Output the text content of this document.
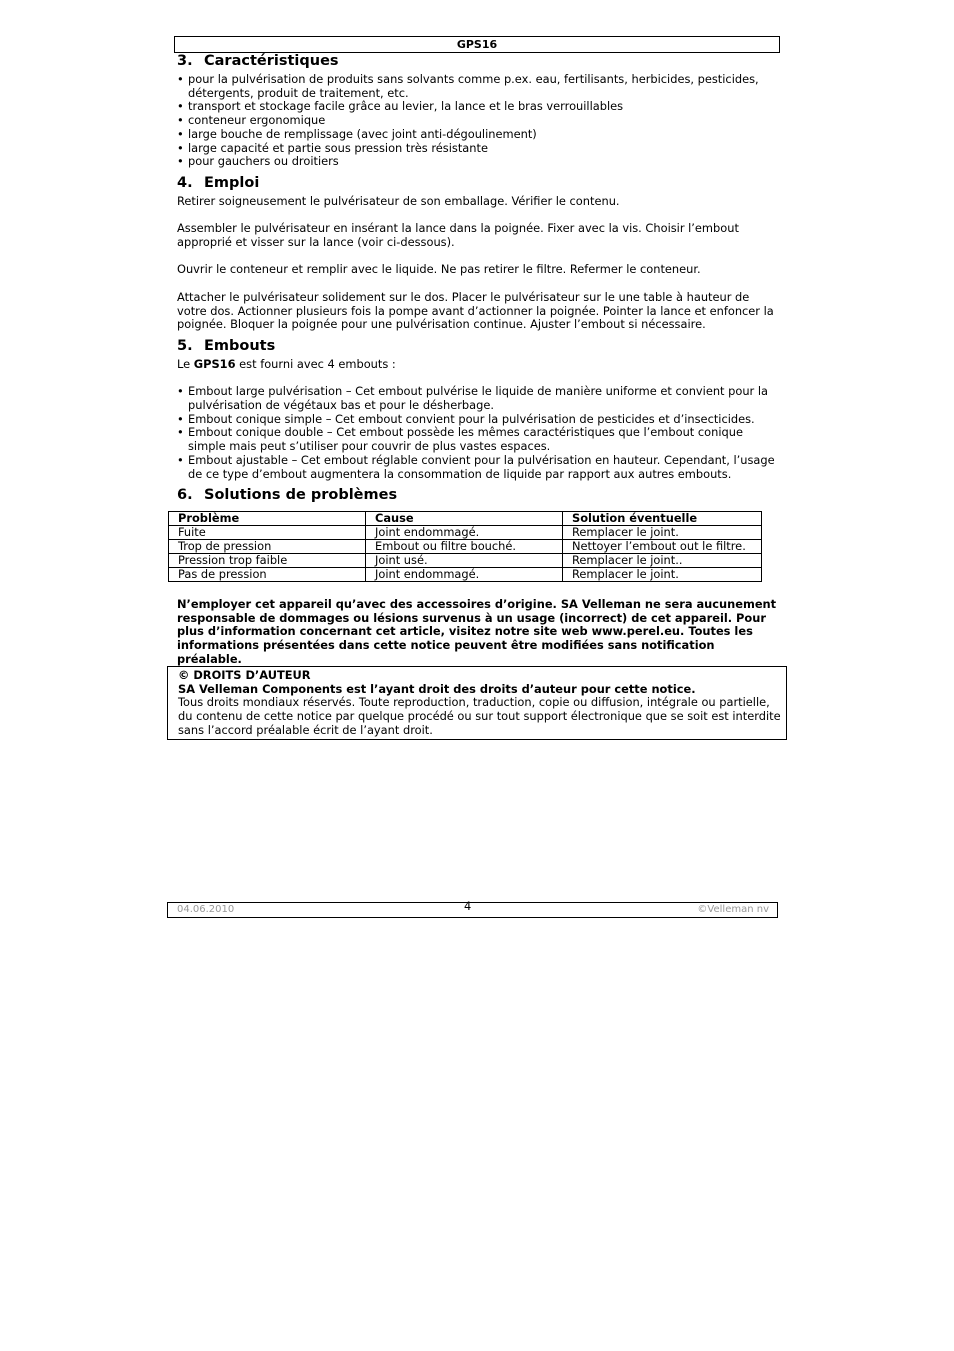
GPS16
3. Caractéristiques
• pour la pulvérisation de produits sans solvants comme p.ex. eau, fertilisants, herbicides, pesticides, détergents, produit de traitement, etc.
• transport et stockage facile grâce au levier, la lance et le bras verrouillables
• conteneur ergonomique
• large bouche de remplissage (avec joint anti-dégoulinement)
• large capacité et partie sous pression très résistante
• pour gauchers ou droitiers
4. Emploi

Retirer soigneusement le pulvérisateur de son emballage. Vérifier le contenu.

Assembler le pulvérisateur en insérant la lance dans la poignée. Fixer avec la vis. Choisir l’embout approprié et visser sur la lance (voir ci-dessous).

Ouvrir le conteneur et remplir avec le liquide. Ne pas retirer le filtre. Refermer le conteneur.

Attacher le pulvérisateur solidement sur le dos. Placer le pulvérisateur sur le une table à hauteur de votre dos. Actionner plusieurs fois la pompe avant d’actionner la poignée. Pointer la lance et enfoncer la poignée. Bloquer la poignée pour une pulvérisation continue. Ajuster l’embout si nécessaire.

5. Embouts

Le GPS16 est fourni avec 4 embouts :

• Embout large pulvérisation – Cet embout pulvérise le liquide de manière uniforme et convient pour la pulvérisation de végétaux bas et pour le désherbage.
• Embout conique simple – Cet embout convient pour la pulvérisation de pesticides et d’insecticides.
• Embout conique double – Cet embout possède les mêmes caractéristiques que l’embout conique simple mais peut s’utiliser pour couvrir de plus vastes espaces.
• Embout ajustable – Cet embout réglable convient pour la pulvérisation en hauteur. Cependant, l’usage de ce type d’embout augmentera la consommation de liquide par rapport aux autres embouts.
6. Solutions de problèmes
Problème	Cause	Solution éventuelle
Fuite	Joint endommagé.	Remplacer le joint.
Trop de pression	Embout ou filtre bouché.	Nettoyer l’embout out le filtre.
Pression trop faible	Joint usé.	Remplacer le joint..
Pas de pression	Joint endommagé.	Remplacer le joint.

N’employer cet appareil qu’avec des accessoires d’origine. SA Velleman ne sera aucunement responsable de dommages ou lésions survenus à un usage (incorrect) de cet appareil. Pour plus d’information concernant cet article, visitez notre site web www.perel.eu. Toutes les informations présentées dans cette notice peuvent être modifiées sans notification préalable.

© DROITS D’AUTEUR
SA Velleman Components est l’ayant droit des droits d’auteur pour cette notice.
Tous droits mondiaux réservés. Toute reproduction, traduction, copie ou diffusion, intégrale ou partielle, du contenu de cette notice par quelque procédé ou sur tout support électronique que se soit est interdite sans l’accord préalable écrit de l’ayant droit.
04.06.2010	4	©Velleman nv
